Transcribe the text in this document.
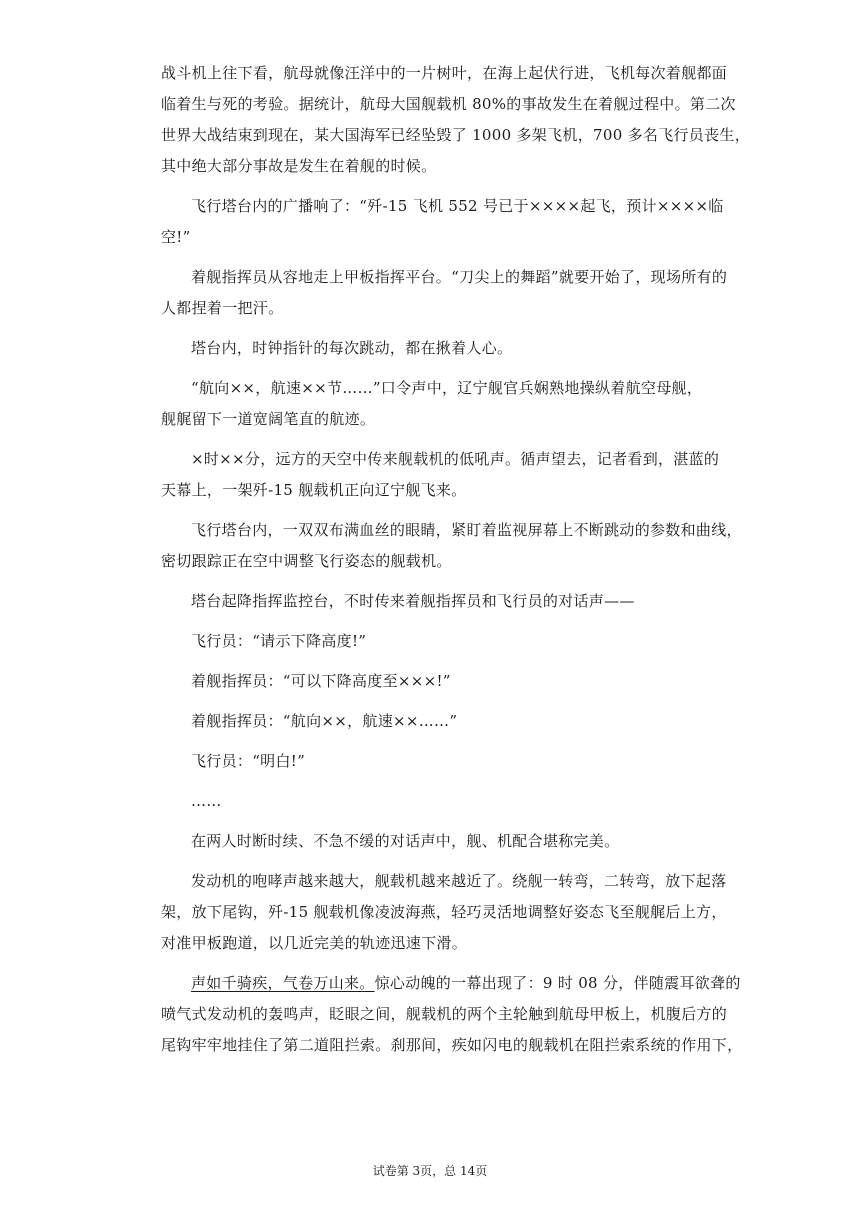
战斗机上往下看，航母就像汪洋中的一片树叶，在海上起伏行进，飞机每次着舰都面
临着生与死的考验。据统计，航母大国舰载机 80%的事故发生在着舰过程中。第二次
世界大战结束到现在，某大国海军已经坠毁了 1000 多架飞机，700 多名飞行员丧生，
其中绝大部分事故是发生在着舰的时候。

飞行塔台内的广播响了：“歼-15 飞机 552 号已于××××起飞，预计××××临
空!”

着舰指挥员从容地走上甲板指挥平台。“刀尖上的舞蹈”就要开始了，现场所有的
人都捏着一把汗。

塔台内，时钟指针的每次跳动，都在揪着人心。

“航向××，航速××节……”口令声中，辽宁舰官兵娴熟地操纵着航空母舰，
舰艉留下一道宽阔笔直的航迹。

×时××分，远方的天空中传来舰载机的低吼声。循声望去，记者看到，湛蓝的
天幕上，一架歼-15 舰载机正向辽宁舰飞来。

飞行塔台内，一双双布满血丝的眼睛，紧盯着监视屏幕上不断跳动的参数和曲线，
密切跟踪正在空中调整飞行姿态的舰载机。

塔台起降指挥监控台，不时传来着舰指挥员和飞行员的对话声——

飞行员：“请示下降高度!”

着舰指挥员：“可以下降高度至×××!”

着舰指挥员：“航向××，航速××……”

飞行员：“明白!”

……

在两人时断时续、不急不缓的对话声中，舰、机配合堪称完美。

发动机的咆哮声越来越大，舰载机越来越近了。绕舰一转弯，二转弯，放下起落
架，放下尾钩，歼-15 舰载机像凌波海燕，轻巧灵活地调整好姿态飞至舰艉后上方，
对准甲板跑道，以几近完美的轨迹迅速下滑。

声如千骑疾，气卷万山来。惊心动魄的一幕出现了：9 时 08 分，伴随震耳欲聋的
喷气式发动机的轰鸣声，眨眼之间，舰载机的两个主轮触到航母甲板上，机腹后方的
尾钩牢牢地挂住了第二道阻拦索。刹那间，疾如闪电的舰载机在阻拦索系统的作用下，

试卷第 3页，总 14页
